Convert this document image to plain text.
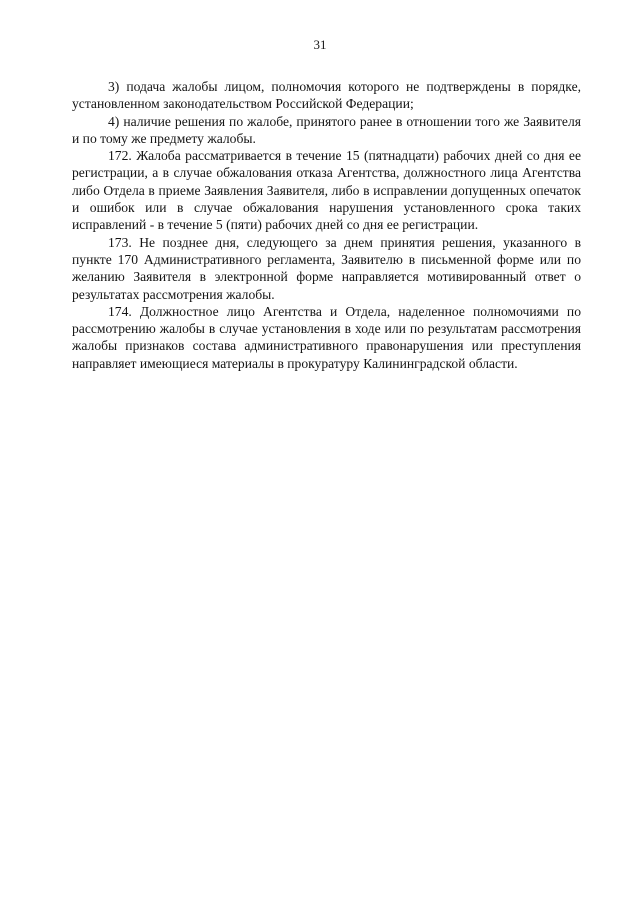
31

3) подача жалобы лицом, полномочия которого не подтверждены в порядке, установленном законодательством Российской Федерации;

4) наличие решения по жалобе, принятого ранее в отношении того же Заявителя и по тому же предмету жалобы.

172. Жалоба рассматривается в течение 15 (пятнадцати) рабочих дней со дня ее регистрации, а в случае обжалования отказа Агентства, должностного лица Агентства либо Отдела в приеме Заявления Заявителя, либо в исправлении допущенных опечаток и ошибок или в случае обжалования нарушения установленного срока таких исправлений - в течение 5 (пяти) рабочих дней со дня ее регистрации.

173. Не позднее дня, следующего за днем принятия решения, указанного в пункте 170 Административного регламента, Заявителю в письменной форме или по желанию Заявителя в электронной форме направляется мотивированный ответ о результатах рассмотрения жалобы.

174. Должностное лицо Агентства и Отдела, наделенное полномочиями по рассмотрению жалобы в случае установления в ходе или по результатам рассмотрения жалобы признаков состава административного правонарушения или преступления направляет имеющиеся материалы в прокуратуру Калининградской области.
